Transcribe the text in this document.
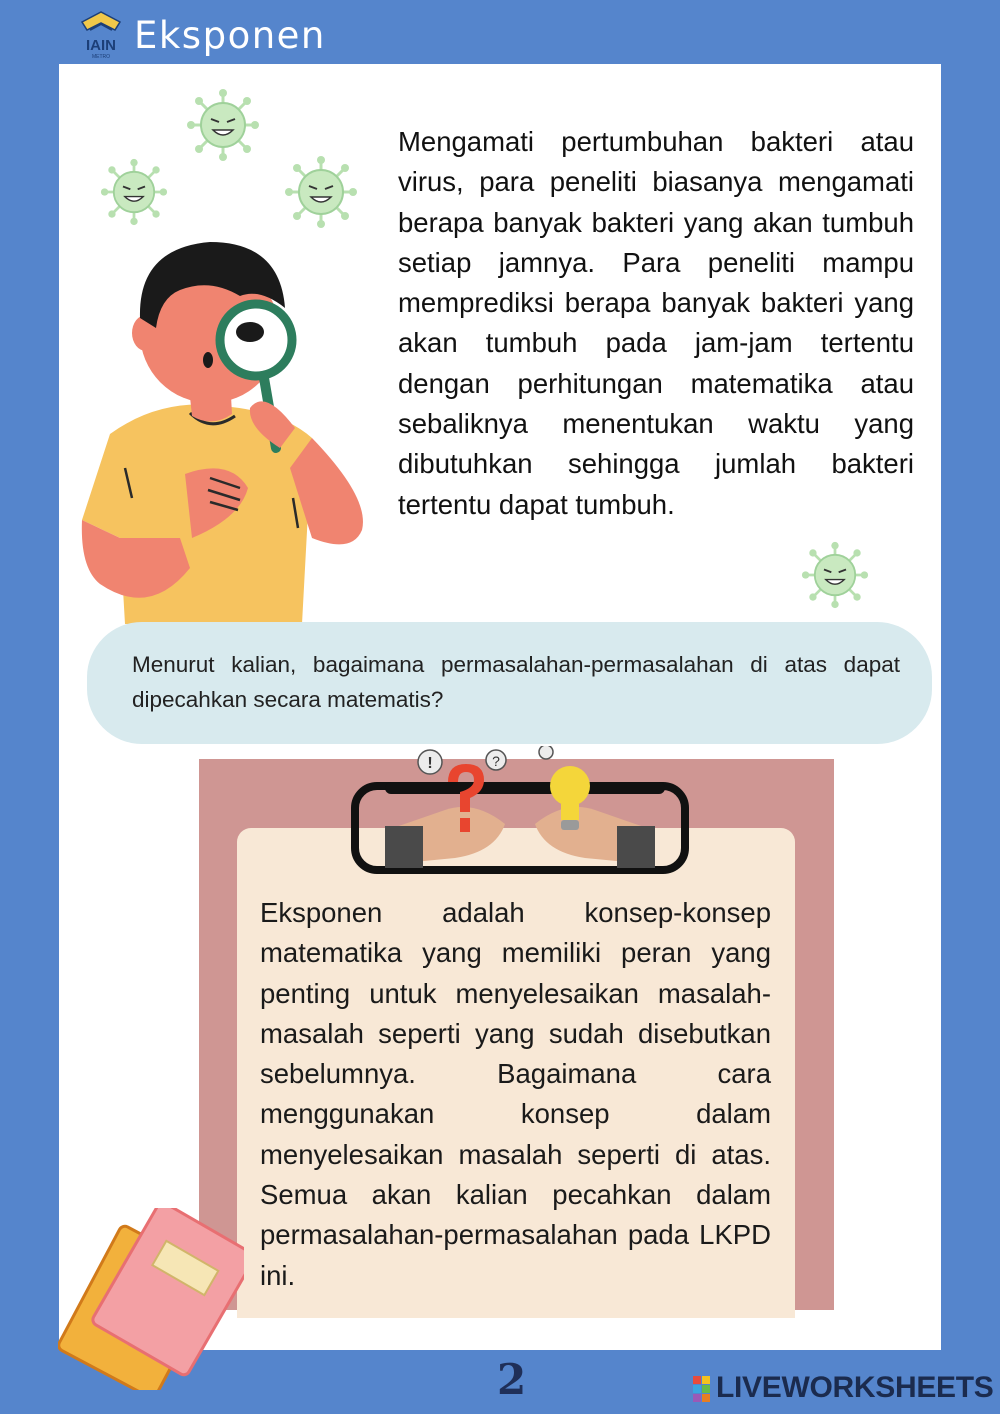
IAIN
METRO Eksponen
Mengamati pertumbuhan bakteri atau virus, para peneliti biasanya mengamati berapa banyak bakteri yang akan tumbuh setiap jamnya. Para peneliti mampu memprediksi berapa banyak bakteri yang akan tumbuh pada jam-jam tertentu dengan perhitungan matematika atau sebaliknya menentukan waktu yang dibutuhkan sehingga jumlah bakteri tertentu dapat tumbuh.
Menurut kalian, bagaimana permasalahan-permasalahan di atas dapat dipecahkan secara matematis?
!	?
Eksponen adalah konsep-konsep matematika yang memiliki peran yang penting untuk menyelesaikan masalah-masalah seperti yang sudah disebutkan sebelumnya. Bagaimana cara menggunakan konsep dalam menyelesaikan masalah seperti di atas. Semua akan kalian pecahkan dalam permasalahan-permasalahan pada LKPD ini.
2	LIVEWORKSHEETS
